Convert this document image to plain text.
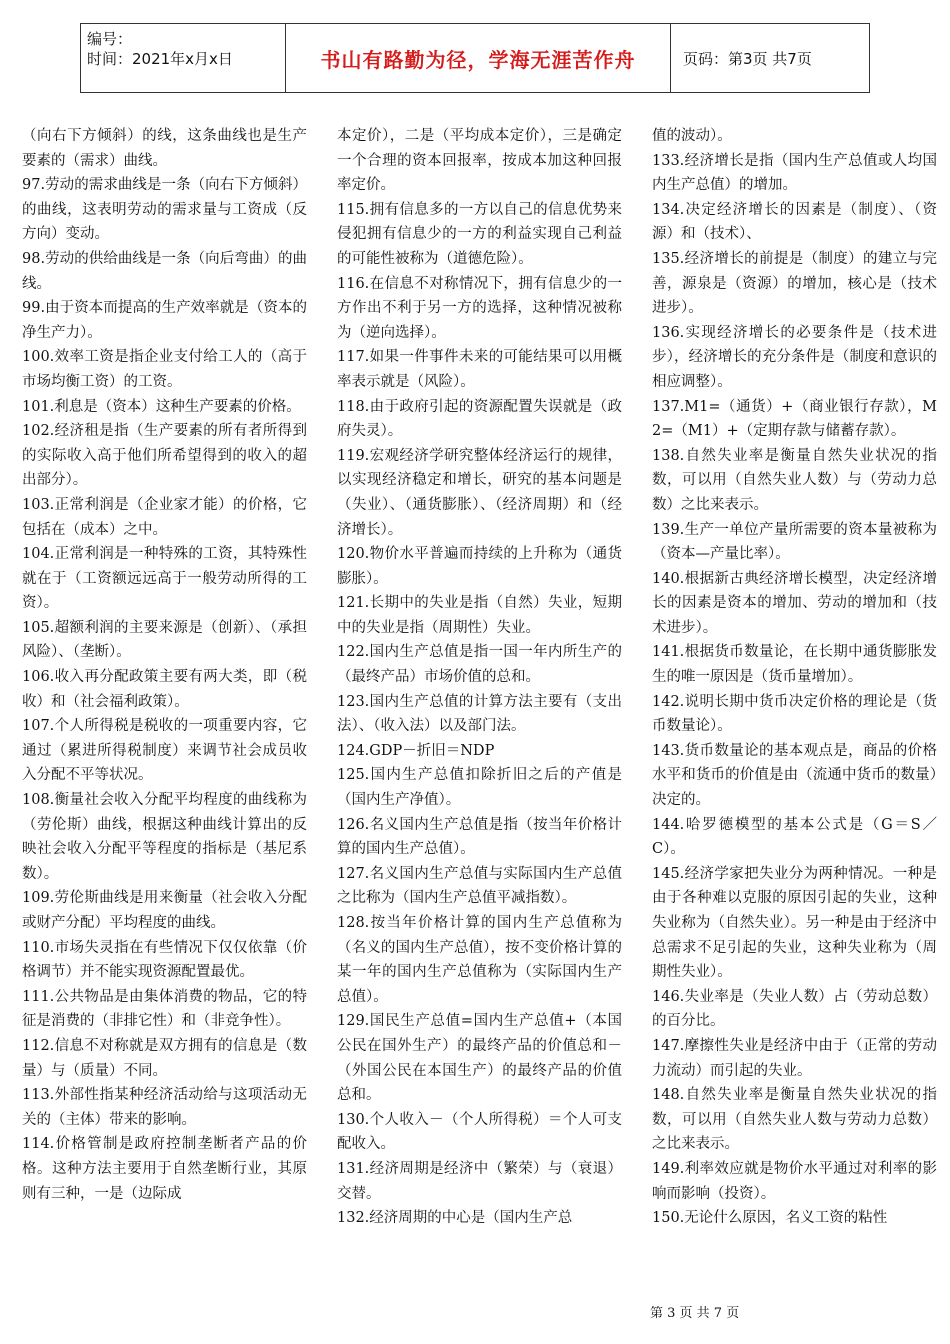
编号：
时间：2021年x月x日	书山有路勤为径，学海无涯苦作舟	页码：第3页 共7页

（向右下方倾斜）的线，这条曲线也是生产要素的（需求）曲线。

97.劳动的需求曲线是一条（向右下方倾斜）的曲线，这表明劳动的需求量与工资成（反方向）变动。

98.劳动的供给曲线是一条（向后弯曲）的曲线。

99.由于资本而提高的生产效率就是（资本的净生产力）。

100.效率工资是指企业支付给工人的（高于市场均衡工资）的工资。

101.利息是（资本）这种生产要素的价格。

102.经济租是指（生产要素的所有者所得到的实际收入高于他们所希望得到的收入的超出部分）。

103.正常利润是（企业家才能）的价格，它包括在（成本）之中。

104.正常利润是一种特殊的工资，其特殊性就在于（工资额远远高于一般劳动所得的工资）。

105.超额利润的主要来源是（创新）、（承担风险）、（垄断）。

106.收入再分配政策主要有两大类，即（税收）和（社会福利政策）。

107.个人所得税是税收的一项重要内容，它通过（累进所得税制度）来调节社会成员收入分配不平等状况。

108.衡量社会收入分配平均程度的曲线称为（劳伦斯）曲线，根据这种曲线计算出的反映社会收入分配平等程度的指标是（基尼系数）。

109.劳伦斯曲线是用来衡量（社会收入分配或财产分配）平均程度的曲线。

110.市场失灵指在有些情况下仅仅依靠（价格调节）并不能实现资源配置最优。

111.公共物品是由集体消费的物品，它的特征是消费的（非排它性）和（非竞争性）。

112.信息不对称就是双方拥有的信息是（数量）与（质量）不同。

113.外部性指某种经济活动给与这项活动无关的（主体）带来的影响。

114.价格管制是政府控制垄断者产品的价格。这种方法主要用于自然垄断行业，其原则有三种，一是（边际成

本定价），二是（平均成本定价），三是确定一个合理的资本回报率，按成本加这种回报率定价。

115.拥有信息多的一方以自己的信息优势来侵犯拥有信息少的一方的利益实现自己利益的可能性被称为（道德危险）。

116.在信息不对称情况下，拥有信息少的一方作出不利于另一方的选择，这种情况被称为（逆向选择）。

117.如果一件事件未来的可能结果可以用概率表示就是（风险）。

118.由于政府引起的资源配置失误就是（政府失灵）。

119.宏观经济学研究整体经济运行的规律，以实现经济稳定和增长，研究的基本问题是（失业）、（通货膨胀）、（经济周期）和（经济增长）。

120.物价水平普遍而持续的上升称为（通货膨胀）。

121.长期中的失业是指（自然）失业，短期中的失业是指（周期性）失业。

122.国内生产总值是指一国一年内所生产的（最终产品）市场价值的总和。

123.国内生产总值的计算方法主要有（支出法）、（收入法）以及部门法。

124.GDP－折旧＝NDP

125.国内生产总值扣除折旧之后的产值是（国内生产净值）。

126.名义国内生产总值是指（按当年价格计算的国内生产总值）。

127.名义国内生产总值与实际国内生产总值之比称为（国内生产总值平减指数）。

128.按当年价格计算的国内生产总值称为（名义的国内生产总值），按不变价格计算的某一年的国内生产总值称为（实际国内生产总值）。

129.国民生产总值=国内生产总值+（本国公民在国外生产）的最终产品的价值总和－（外国公民在本国生产）的最终产品的价值总和。

130.个人收入－（个人所得税）＝个人可支配收入。

131.经济周期是经济中（繁荣）与（衰退）交替。

132.经济周期的中心是（国内生产总

值的波动）。

133.经济增长是指（国内生产总值或人均国内生产总值）的增加。

134.决定经济增长的因素是（制度）、（资源）和（技术）、

135.经济增长的前提是（制度）的建立与完善，源泉是（资源）的增加，核心是（技术进步）。

136.实现经济增长的必要条件是（技术进步），经济增长的充分条件是（制度和意识的相应调整）。

137.M1=（通货）+（商业银行存款），M2=（M1）+（定期存款与储蓄存款）。

138.自然失业率是衡量自然失业状况的指数，可以用（自然失业人数）与（劳动力总数）之比来表示。

139.生产一单位产量所需要的资本量被称为（资本—产量比率）。

140.根据新古典经济增长模型，决定经济增长的因素是资本的增加、劳动的增加和（技术进步）。

141.根据货币数量论，在长期中通货膨胀发生的唯一原因是（货币量增加）。

142.说明长期中货币决定价格的理论是（货币数量论）。

143.货币数量论的基本观点是，商品的价格水平和货币的价值是由（流通中货币的数量）决定的。

144.哈罗德模型的基本公式是（G＝S／C）。

145.经济学家把失业分为两种情况。一种是由于各种难以克服的原因引起的失业，这种失业称为（自然失业）。另一种是由于经济中总需求不足引起的失业，这种失业称为（周期性失业）。

146.失业率是（失业人数）占（劳动总数）的百分比。

147.摩擦性失业是经济中由于（正常的劳动力流动）而引起的失业。

148.自然失业率是衡量自然失业状况的指数，可以用（自然失业人数与劳动力总数）之比来表示。

149.利率效应就是物价水平通过对利率的影响而影响（投资）。

150.无论什么原因，名义工资的粘性

第 3 页 共 7 页
